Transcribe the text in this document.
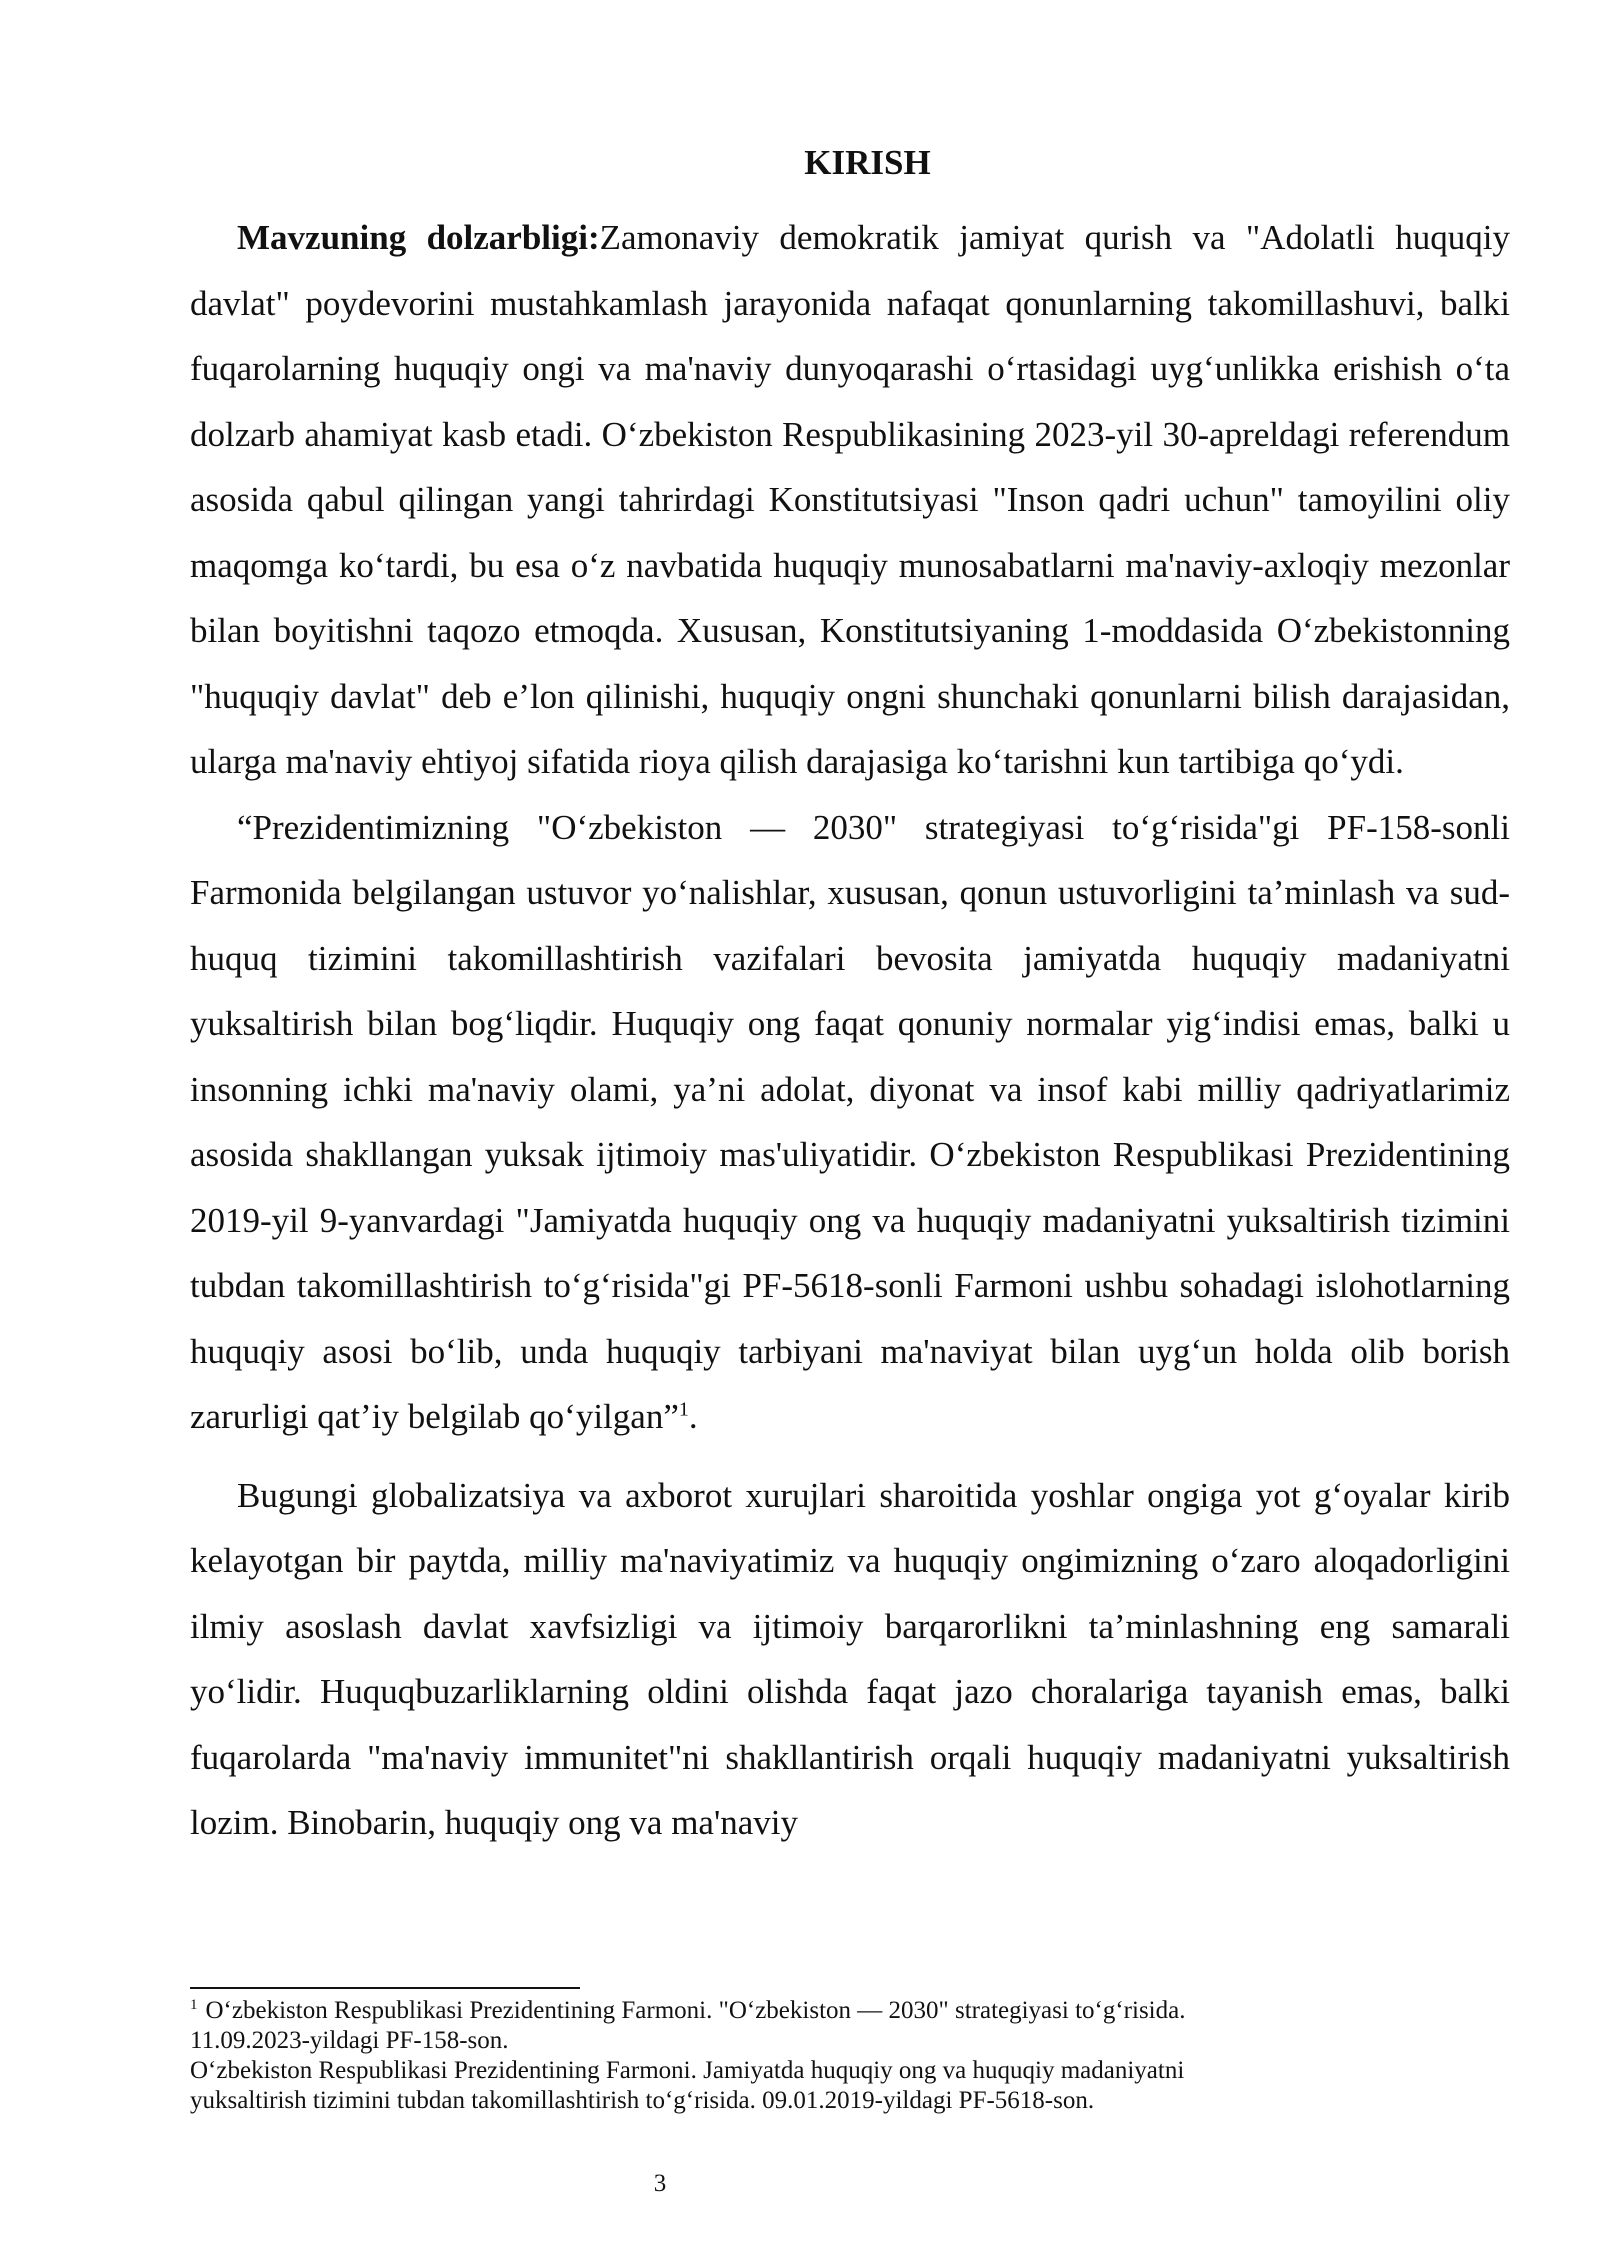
KIRISH

Mavzuning dolzarbligi:Zamonaviy demokratik jamiyat qurish va "Adolatli huquqiy davlat" poydevorini mustahkamlash jarayonida nafaqat qonunlarning takomillashuvi, balki fuqarolarning huquqiy ongi va ma'naviy dunyoqarashi oʻrtasidagi uygʻunlikka erishish oʻta dolzarb ahamiyat kasb etadi. Oʻzbekiston Respublikasining 2023-yil 30-apreldagi referendum asosida qabul qilingan yangi tahrirdagi Konstitutsiyasi "Inson qadri uchun" tamoyilini oliy maqomga koʻtardi, bu esa oʻz navbatida huquqiy munosabatlarni ma'naviy-axloqiy mezonlar bilan boyitishni taqozo etmoqda. Xususan, Konstitutsiyaning 1-moddasida Oʻzbekistonning "huquqiy davlat" deb e’lon qilinishi, huquqiy ongni shunchaki qonunlarni bilish darajasidan, ularga ma'naviy ehtiyoj sifatida rioya qilish darajasiga koʻtarishni kun tartibiga qoʻydi.

“Prezidentimizning "Oʻzbekiston — 2030" strategiyasi toʻgʻrisida"gi PF-158-sonli Farmonida belgilangan ustuvor yoʻnalishlar, xususan, qonun ustuvorligini ta’minlash va sud-huquq tizimini takomillashtirish vazifalari bevosita jamiyatda huquqiy madaniyatni yuksaltirish bilan bogʻliqdir. Huquqiy ong faqat qonuniy normalar yigʻindisi emas, balki u insonning ichki ma'naviy olami, ya’ni adolat, diyonat va insof kabi milliy qadriyatlarimiz asosida shakllangan yuksak ijtimoiy mas'uliyatidir. Oʻzbekiston Respublikasi Prezidentining 2019-yil 9-yanvardagi "Jamiyatda huquqiy ong va huquqiy madaniyatni yuksaltirish tizimini tubdan takomillashtirish toʻgʻrisida"gi PF-5618-sonli Farmoni ushbu sohadagi islohotlarning huquqiy asosi boʻlib, unda huquqiy tarbiyani ma'naviyat bilan uygʻun holda olib borish zarurligi qat’iy belgilab qoʻyilgan”$^1$.

Bugungi globalizatsiya va axborot xurujlari sharoitida yoshlar ongiga yot gʻoyalar kirib kelayotgan bir paytda, milliy ma'naviyatimiz va huquqiy ongimizning oʻzaro aloqadorligini ilmiy asoslash davlat xavfsizligi va ijtimoiy barqarorlikni ta’minlashning eng samarali yoʻlidir. Huquqbuzarliklarning oldini olishda faqat jazo choralariga tayanish emas, balki fuqarolarda "ma'naviy immunitet"ni shakllantirish orqali huquqiy madaniyatni yuksaltirish lozim. Binobarin, huquqiy ong va ma'naviy

$^1$ Oʻzbekiston Respublikasi Prezidentining Farmoni. "Oʻzbekiston — 2030" strategiyasi toʻgʻrisida.

11.09.2023-yildagi PF-158-son.

Oʻzbekiston Respublikasi Prezidentining Farmoni. Jamiyatda huquqiy ong va huquqiy madaniyatni

yuksaltirish tizimini tubdan takomillashtirish toʻgʻrisida. 09.01.2019-yildagi PF-5618-son.

3
